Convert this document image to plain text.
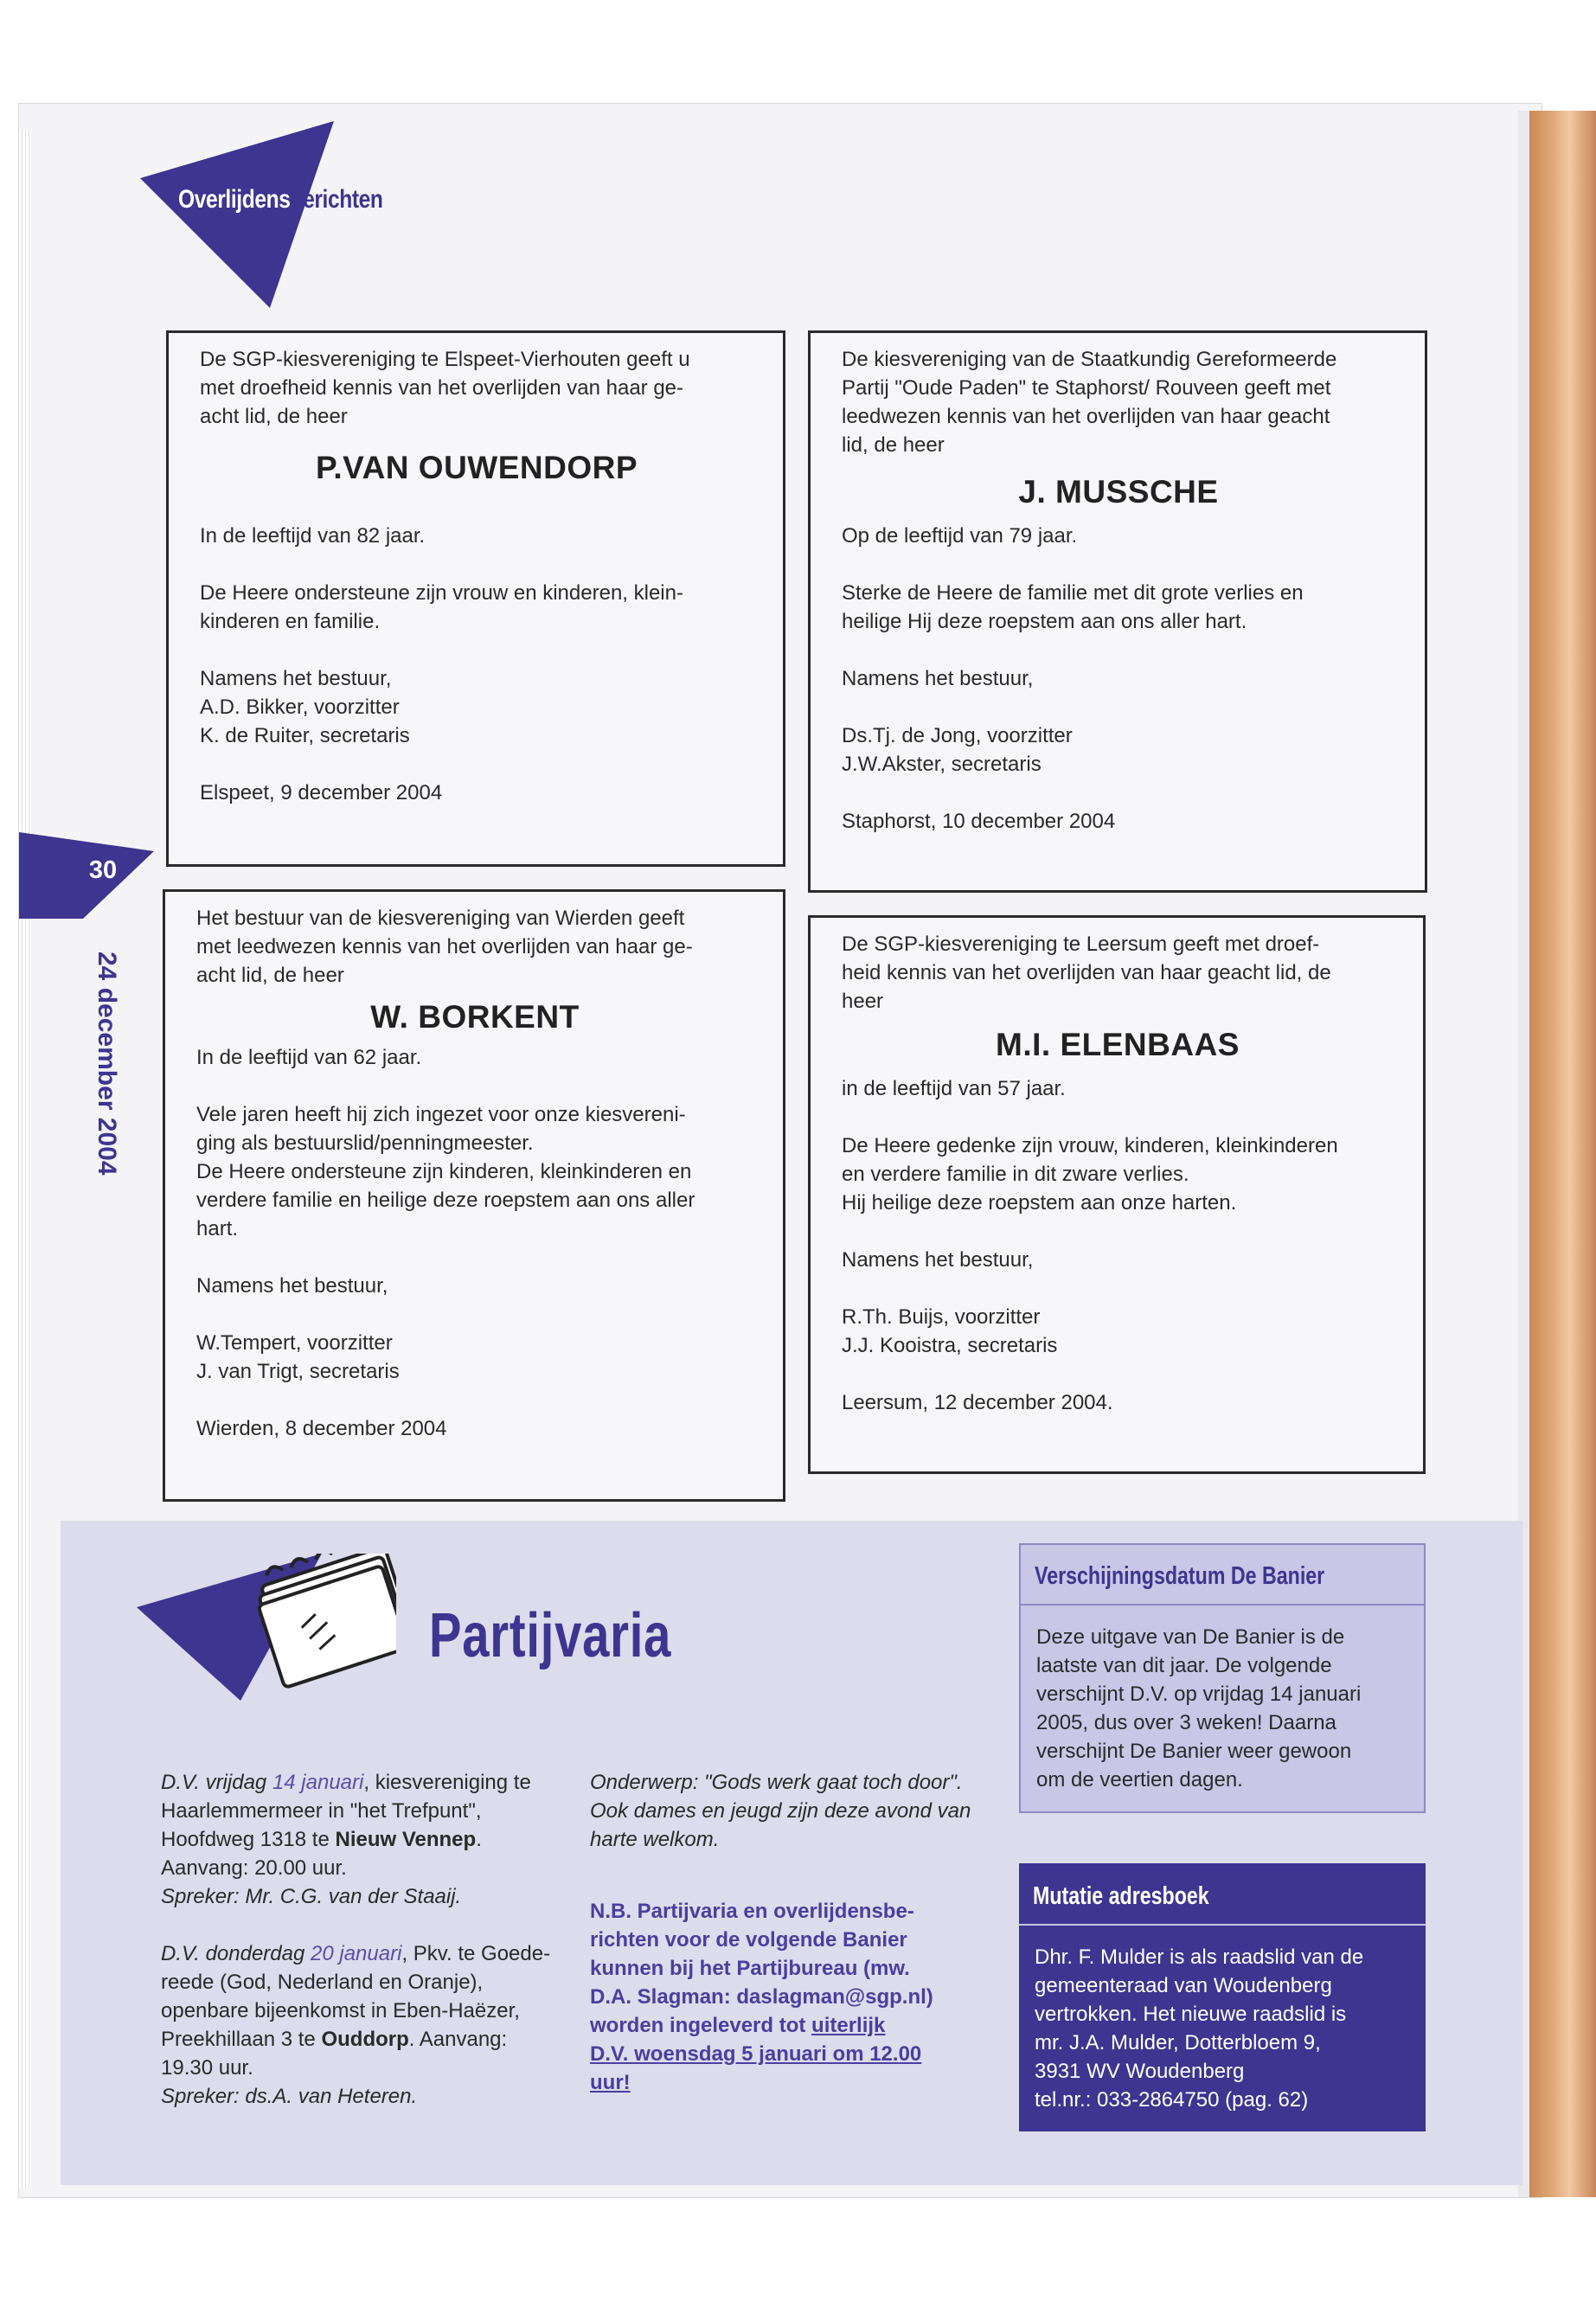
Overlijdensberichten
30
24 december 2004

De SGP-kiesvereniging te Elspeet-Vierhouten geeft u
met droefheid kennis van het overlijden van haar ge-
acht lid, de heer

P.VAN OUWENDORP

In de leeftijd van 82 jaar.

De Heere ondersteune zijn vrouw en kinderen, klein-
kinderen en familie.

Namens het bestuur,
A.D. Bikker, voorzitter
K. de Ruiter, secretaris

Elspeet, 9 december 2004

De kiesvereniging van de Staatkundig Gereformeerde
Partij "Oude Paden" te Staphorst/ Rouveen geeft met
leedwezen kennis van het overlijden van haar geacht
lid, de heer

J. MUSSCHE

Op de leeftijd van 79 jaar.

Sterke de Heere de familie met dit grote verlies en
heilige Hij deze roepstem aan ons aller hart.

Namens het bestuur,

Ds.Tj. de Jong, voorzitter
J.W.Akster, secretaris

Staphorst, 10 december 2004

Het bestuur van de kiesvereniging van Wierden geeft
met leedwezen kennis van het overlijden van haar ge-
acht lid, de heer

W. BORKENT

In de leeftijd van 62 jaar.

Vele jaren heeft hij zich ingezet voor onze kiesvereni-
ging als bestuurslid/penningmeester.
De Heere ondersteune zijn kinderen, kleinkinderen en
verdere familie en heilige deze roepstem aan ons aller
hart.

Namens het bestuur,

W.Tempert, voorzitter
J. van Trigt, secretaris

Wierden, 8 december 2004

De SGP-kiesvereniging te Leersum geeft met droef-
heid kennis van het overlijden van haar geacht lid, de
heer

M.I. ELENBAAS

in de leeftijd van 57 jaar.

De Heere gedenke zijn vrouw, kinderen, kleinkinderen
en verdere familie in dit zware verlies.
Hij heilige deze roepstem aan onze harten.

Namens het bestuur,

R.Th. Buijs, voorzitter
J.J. Kooistra, secretaris

Leersum, 12 december 2004.

Partijvaria

D.V. vrijdag 14 januari, kiesvereniging te
Haarlemmermeer in "het Trefpunt",
Hoofdweg 1318 te Nieuw Vennep.
Aanvang: 20.00 uur.
Spreker: Mr. C.G. van der Staaij.

D.V. donderdag 20 januari, Pkv. te Goede-
reede (God, Nederland en Oranje),
openbare bijeenkomst in Eben-Haëzer,
Preekhillaan 3 te Ouddorp. Aanvang:
19.30 uur.
Spreker: ds.A. van Heteren.

Onderwerp: "Gods werk gaat toch door".
Ook dames en jeugd zijn deze avond van
harte welkom.

N.B. Partijvaria en overlijdensbe-
richten voor de volgende Banier
kunnen bij het Partijbureau (mw.
D.A. Slagman: daslagman@sgp.nl)
worden ingeleverd tot uiterlijk
D.V. woensdag 5 januari om 12.00
uur!

Verschijningsdatum De Banier
Deze uitgave van De Banier is de
laatste van dit jaar. De volgende
verschijnt D.V. op vrijdag 14 januari
2005, dus over 3 weken! Daarna
verschijnt De Banier weer gewoon
om de veertien dagen.
Mutatie adresboek
Dhr. F. Mulder is als raadslid van de
gemeenteraad van Woudenberg
vertrokken. Het nieuwe raadslid is
mr. J.A. Mulder, Dotterbloem 9,
3931 WV Woudenberg
tel.nr.: 033-2864750 (pag. 62)
